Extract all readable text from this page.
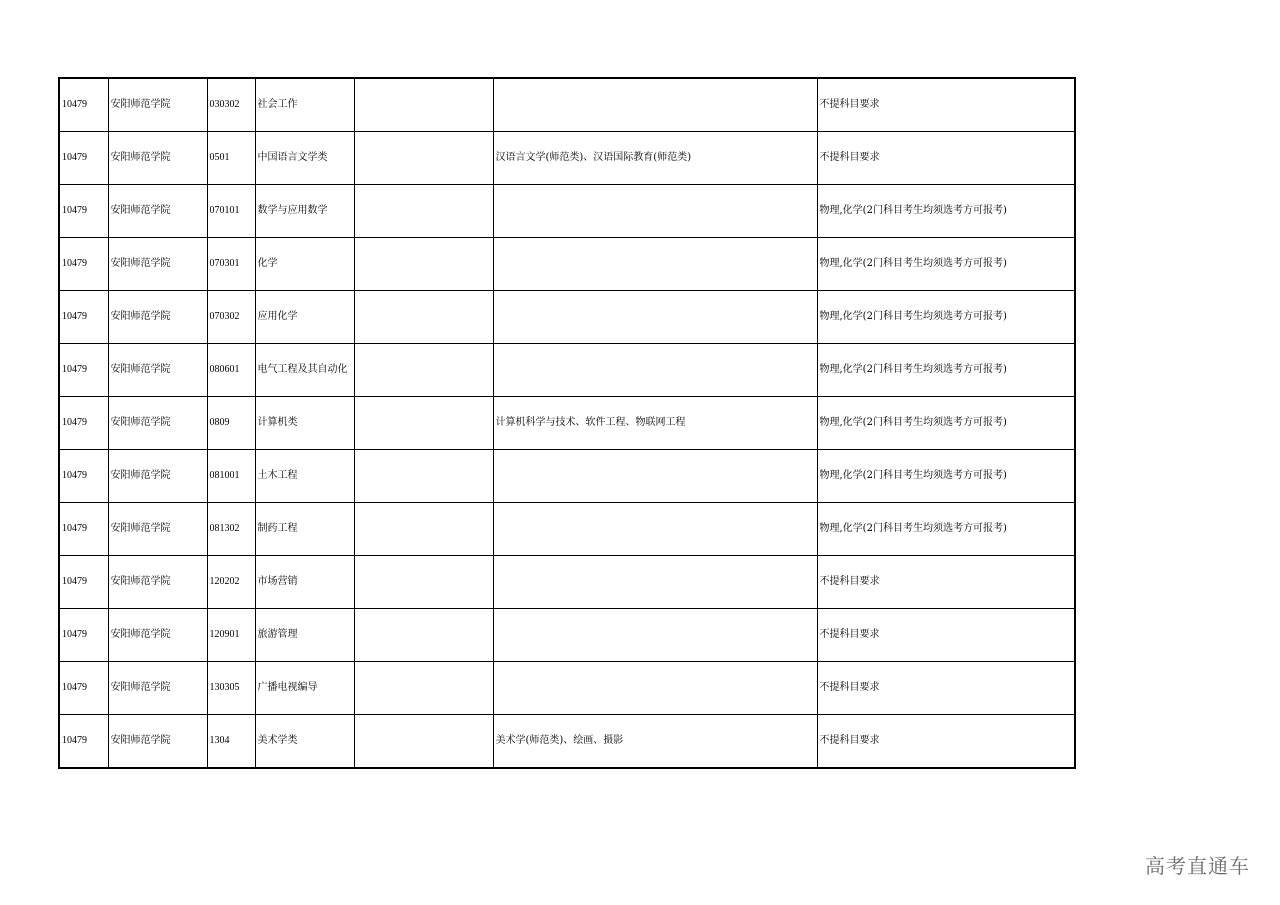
10479	安阳师范学院	030302	社会工作			不提科目要求
10479	安阳师范学院	0501	中国语言文学类		汉语言文学(师范类)、汉语国际教育(师范类)	不提科目要求
10479	安阳师范学院	070101	数学与应用数学			物理,化学(2门科目考生均须选考方可报考)
10479	安阳师范学院	070301	化学			物理,化学(2门科目考生均须选考方可报考)
10479	安阳师范学院	070302	应用化学			物理,化学(2门科目考生均须选考方可报考)
10479	安阳师范学院	080601	电气工程及其自动化			物理,化学(2门科目考生均须选考方可报考)
10479	安阳师范学院	0809	计算机类		计算机科学与技术、软件工程、物联网工程	物理,化学(2门科目考生均须选考方可报考)
10479	安阳师范学院	081001	土木工程			物理,化学(2门科目考生均须选考方可报考)
10479	安阳师范学院	081302	制药工程			物理,化学(2门科目考生均须选考方可报考)
10479	安阳师范学院	120202	市场营销			不提科目要求
10479	安阳师范学院	120901	旅游管理			不提科目要求
10479	安阳师范学院	130305	广播电视编导			不提科目要求
10479	安阳师范学院	1304	美术学类		美术学(师范类)、绘画、摄影	不提科目要求
高考直通车
